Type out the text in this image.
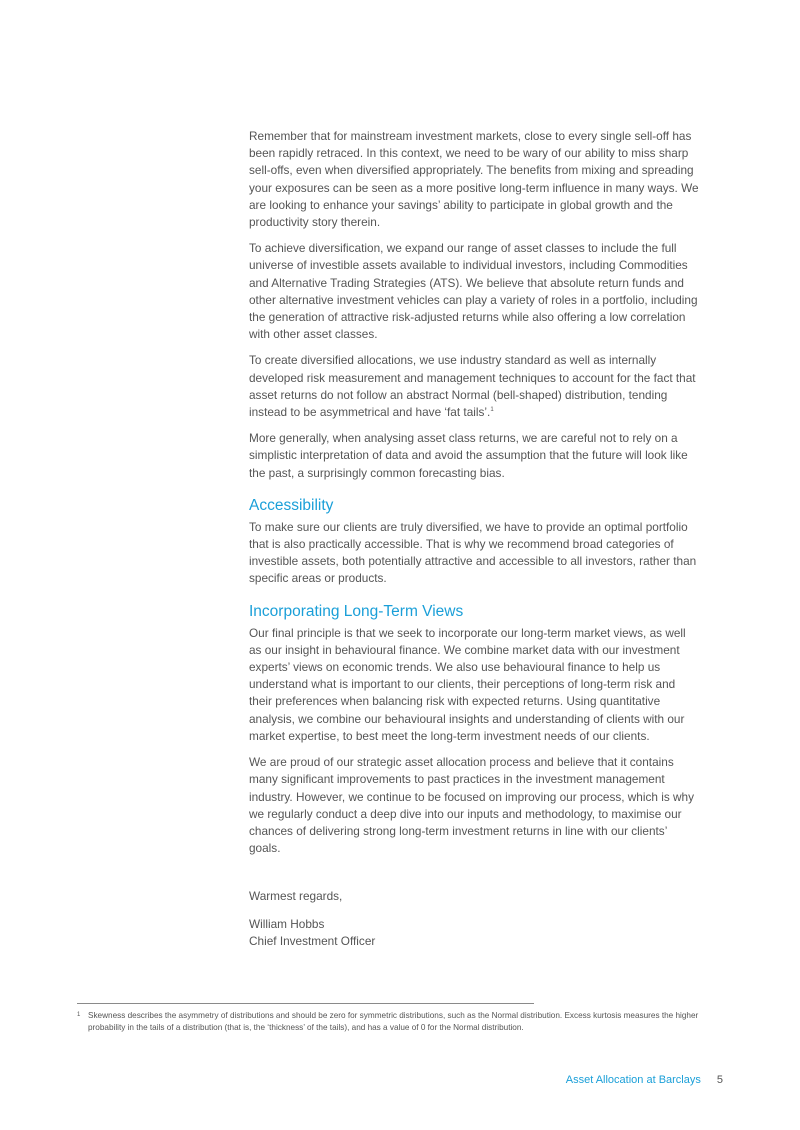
Remember that for mainstream investment markets, close to every single sell-off has been rapidly retraced. In this context, we need to be wary of our ability to miss sharp sell-offs, even when diversified appropriately. The benefits from mixing and spreading your exposures can be seen as a more positive long-term influence in many ways. We are looking to enhance your savings’ ability to participate in global growth and the productivity story therein.

To achieve diversification, we expand our range of asset classes to include the full universe of investible assets available to individual investors, including Commodities and Alternative Trading Strategies (ATS). We believe that absolute return funds and other alternative investment vehicles can play a variety of roles in a portfolio, including the generation of attractive risk-adjusted returns while also offering a low correlation with other asset classes.

To create diversified allocations, we use industry standard as well as internally developed risk measurement and management techniques to account for the fact that asset returns do not follow an abstract Normal (bell-shaped) distribution, tending instead to be asymmetrical and have ‘fat tails’.$^1$

More generally, when analysing asset class returns, we are careful not to rely on a simplistic interpretation of data and avoid the assumption that the future will look like the past, a surprisingly common forecasting bias.

Accessibility

To make sure our clients are truly diversified, we have to provide an optimal portfolio that is also practically accessible. That is why we recommend broad categories of investible assets, both potentially attractive and accessible to all investors, rather than specific areas or products.

Incorporating Long-Term Views

Our final principle is that we seek to incorporate our long-term market views, as well as our insight in behavioural finance. We combine market data with our investment experts’ views on economic trends. We also use behavioural finance to help us understand what is important to our clients, their perceptions of long-term risk and their preferences when balancing risk with expected returns. Using quantitative analysis, we combine our behavioural insights and understanding of clients with our market expertise, to best meet the long-term investment needs of our clients.

We are proud of our strategic asset allocation process and believe that it contains many significant improvements to past practices in the investment management industry. However, we continue to be focused on improving our process, which is why we regularly conduct a deep dive into our inputs and methodology, to maximise our chances of delivering strong long-term investment returns in line with our clients’ goals.

Warmest regards,

William Hobbs

Chief Investment Officer

1 Skewness describes the asymmetry of distributions and should be zero for symmetric distributions, such as the Normal distribution. Excess kurtosis measures the higher probability in the tails of a distribution (that is, the ‘thickness’ of the tails), and has a value of 0 for the Normal distribution.
Asset Allocation at Barclays 5
